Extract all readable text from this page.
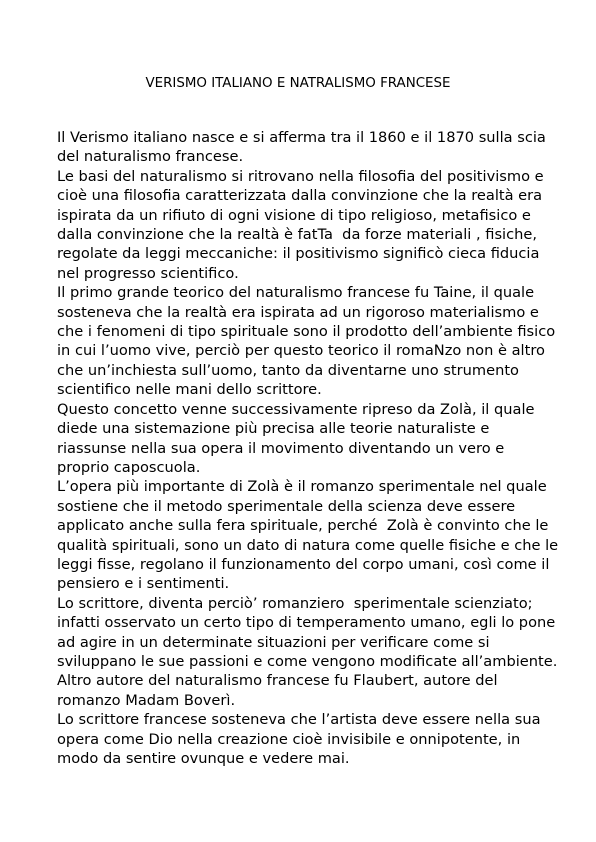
VERISMO ITALIANO E NATRALISMO FRANCESE
Il Verismo italiano nasce e si afferma tra il 1860 e il 1870 sulla scia
del naturalismo francese.
Le basi del naturalismo si ritrovano nella filosofia del positivismo e
cioè una filosofia caratterizzata dalla convinzione che la realtà era
ispirata da un rifiuto di ogni visione di tipo religioso, metafisico e
dalla convinzione che la realtà è fatTa  da forze materiali , fisiche,
regolate da leggi meccaniche: il positivismo significò cieca fiducia
nel progresso scientifico.
Il primo grande teorico del naturalismo francese fu Taine, il quale
sosteneva che la realtà era ispirata ad un rigoroso materialismo e
che i fenomeni di tipo spirituale sono il prodotto dell’ambiente fisico
in cui l’uomo vive, perciò per questo teorico il romaNzo non è altro
che un’inchiesta sull’uomo, tanto da diventarne uno strumento
scientifico nelle mani dello scrittore.
Questo concetto venne successivamente ripreso da Zolà, il quale
diede una sistemazione più precisa alle teorie naturaliste e
riassunse nella sua opera il movimento diventando un vero e
proprio caposcuola.
L’opera più importante di Zolà è il romanzo sperimentale nel quale
sostiene che il metodo sperimentale della scienza deve essere
applicato anche sulla fera spirituale, perché  Zolà è convinto che le
qualità spirituali, sono un dato di natura come quelle fisiche e che le
leggi fisse, regolano il funzionamento del corpo umani, così come il
pensiero e i sentimenti.
Lo scrittore, diventa perciò’ romanziero  sperimentale scienziato;
infatti osservato un certo tipo di temperamento umano, egli lo pone
ad agire in un determinate situazioni per verificare come si
sviluppano le sue passioni e come vengono modificate all’ambiente.
Altro autore del naturalismo francese fu Flaubert, autore del
romanzo Madam Boverì.
Lo scrittore francese sosteneva che l’artista deve essere nella sua
opera come Dio nella creazione cioè invisibile e onnipotente, in
modo da sentire ovunque e vedere mai.
